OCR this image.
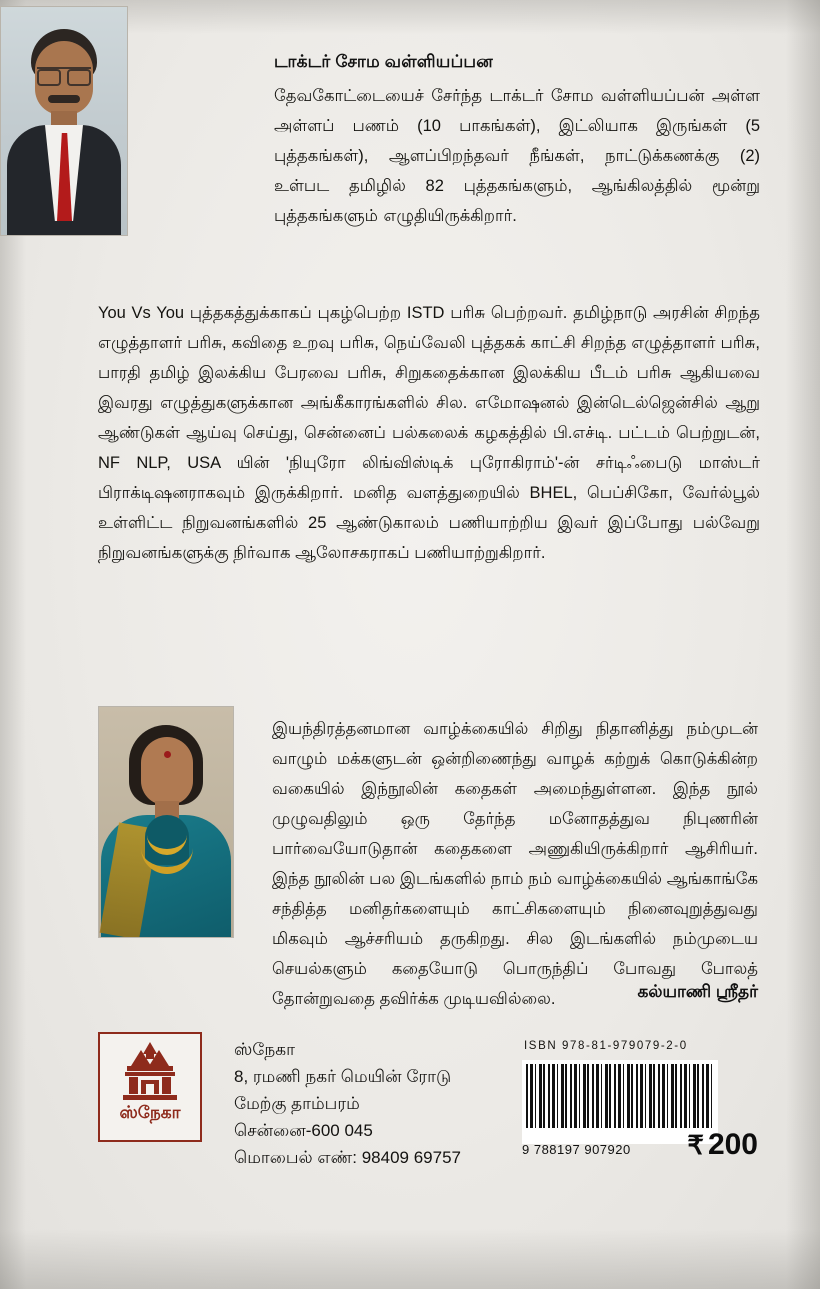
டாக்டர் சோம வள்ளியப்பன
தேவகோட்டையைச் சேர்ந்த டாக்டர் சோம வள்ளியப்பன் அள்ள அள்ளப் பணம் (10 பாகங்கள்), இட்லியாக இருங்கள் (5 புத்தகங்கள்), ஆளப்பிறந்தவர் நீங்கள், நாட்டுக்கணக்கு (2) உள்பட தமிழில் 82 புத்தகங்களும், ஆங்கிலத்தில் மூன்று புத்தகங்களும் எழுதியிருக்கிறார்.
You Vs You புத்தகத்துக்காகப் புகழ்பெற்ற ISTD பரிசு பெற்றவர். தமிழ்நாடு அரசின் சிறந்த எழுத்தாளர் பரிசு, கவிதை உறவு பரிசு, நெய்வேலி புத்தகக் காட்சி சிறந்த எழுத்தாளர் பரிசு, பாரதி தமிழ் இலக்கிய பேரவை பரிசு, சிறுகதைக்கான இலக்கிய பீடம் பரிசு ஆகியவை இவரது எழுத்துகளுக்கான அங்கீகாரங்களில் சில. எமோஷனல் இன்டெல்ஜென்சில் ஆறு ஆண்டுகள் ஆய்வு செய்து, சென்னைப் பல்கலைக் கழகத்தில் பி.எச்டி. பட்டம் பெற்றுடன், NF NLP, USA யின் 'நியுரோ லிங்விஸ்டிக் புரோகிராம்'-ன் சர்டிஃபைடு மாஸ்டர் பிராக்டிஷனராகவும் இருக்கிறார். மனித வளத்துறையில் BHEL, பெப்சிகோ, வேர்ல்பூல் உள்ளிட்ட நிறுவனங்களில் 25 ஆண்டுகாலம் பணியாற்றிய இவர் இப்போது பல்வேறு நிறுவனங்களுக்கு நிர்வாக ஆலோசகராகப் பணியாற்றுகிறார்.
இயந்திரத்தனமான வாழ்க்கையில் சிறிது நிதானித்து நம்முடன் வாழும் மக்களுடன் ஒன்றிணைந்து வாழக் கற்றுக் கொடுக்கின்ற வகையில் இந்நூலின் கதைகள் அமைந்துள்ளன. இந்த நூல் முழுவதிலும் ஒரு தேர்ந்த மனோதத்துவ நிபுணரின் பார்வையோடுதான் கதைகளை அணுகியிருக்கிறார் ஆசிரியர். இந்த நூலின் பல இடங்களில் நாம் நம் வாழ்க்கையில் ஆங்காங்கே சந்தித்த மனிதர்களையும் காட்சிகளையும் நினைவுறுத்துவது மிகவும் ஆச்சரியம் தருகிறது. சில இடங்களில் நம்முடைய செயல்களும் கதையோடு பொருந்திப் போவது போலத் தோன்றுவதை தவிர்க்க முடியவில்லை.	கல்யாணி ஸ்ரீதர்
ஸ்நேகா
ஸ்நேகா
8, ரமணி நகர் மெயின் ரோடு
மேற்கு தாம்பரம்
சென்னை-600 045
மொபைல் எண்: 98409 69757
ISBN 978-81-979079-2-0
9 788197 907920	₹ 200
